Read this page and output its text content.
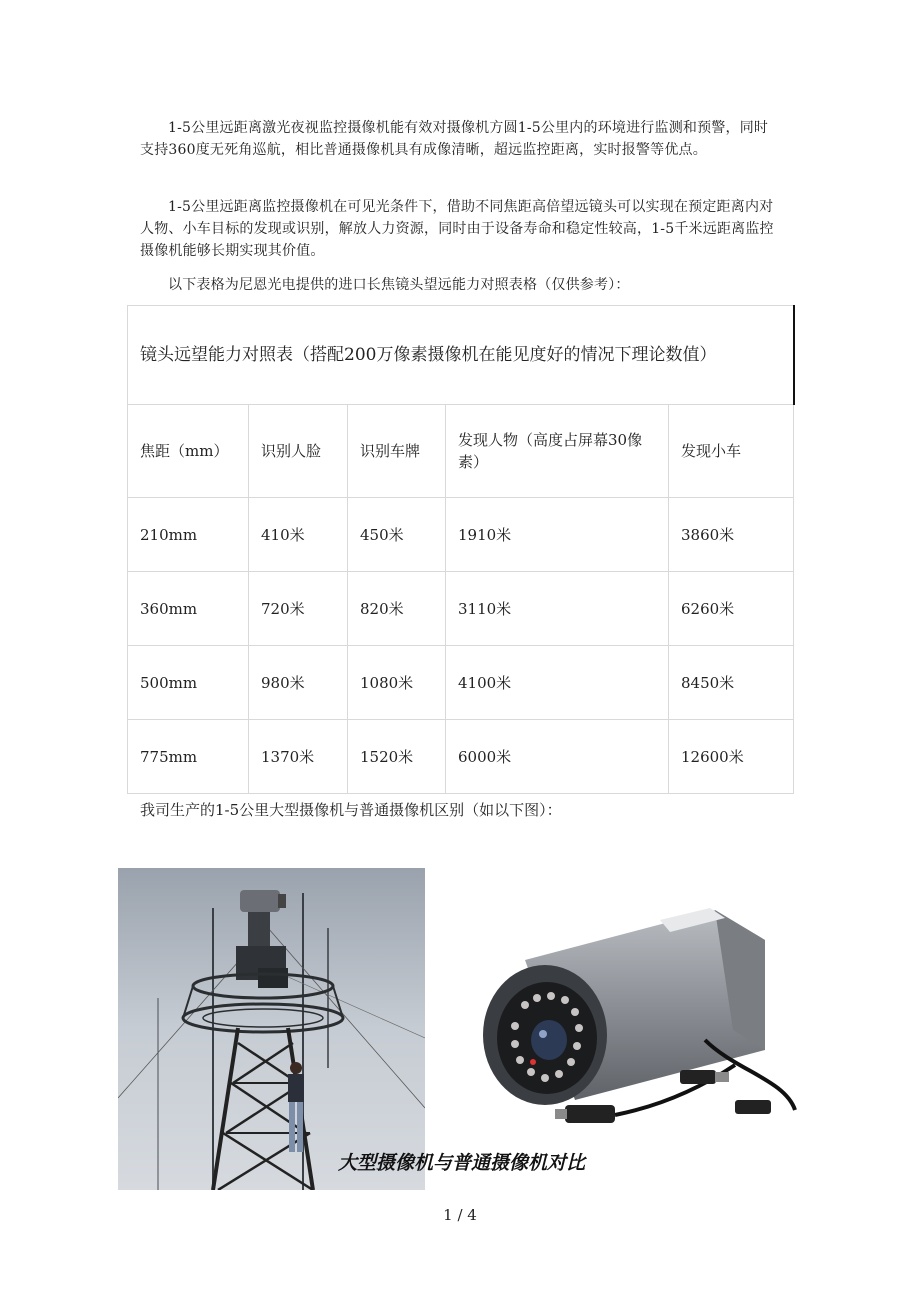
1-5公里远距离激光夜视监控摄像机能有效对摄像机方圆1-5公里内的环境进行监测和预警，同时支持360度无死角巡航，相比普通摄像机具有成像清晰，超远监控距离，实时报警等优点。

1-5公里远距离监控摄像机在可见光条件下，借助不同焦距高倍望远镜头可以实现在预定距离内对人物、小车目标的发现或识别，解放人力资源，同时由于设备寿命和稳定性较高，1-5千米远距离监控摄像机能够长期实现其价值。

以下表格为尼恩光电提供的进口长焦镜头望远能力对照表格（仅供参考）：

镜头远望能力对照表（搭配200万像素摄像机在能见度好的情况下理论数值）				
焦距（mm）	识别人脸	识别车牌	发现人物（高度占屏幕30像素）	发现小车
210mm	410米	450米	1910米	3860米
360mm	720米	820米	3110米	6260米
500mm	980米	1080米	4100米	8450米
775mm	1370米	1520米	6000米	12600米

我司生产的1-5公里大型摄像机与普通摄像机区别（如以下图）：

大型摄像机与普通摄像机对比

1 / 4
